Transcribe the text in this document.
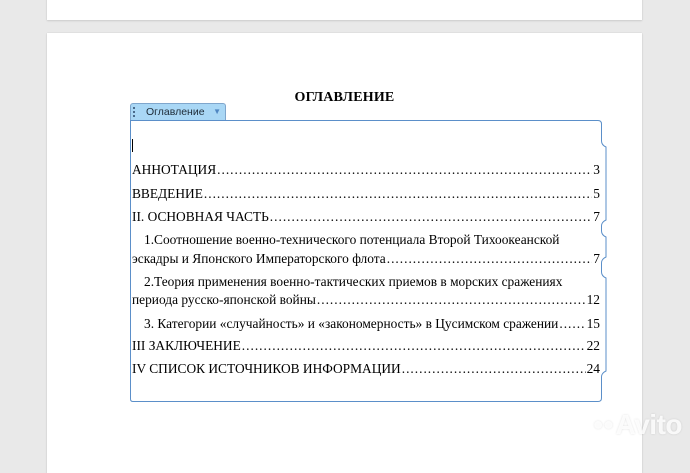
ОГЛАВЛЕНИЕ
Оглавление ▼
АННОТАЦИЯ .....	3
ВВЕДЕНИЕ .....	5
II. ОСНОВНАЯ ЧАСТЬ .....	7
1.Соотношение военно-технического потенциала Второй Тихоокеанской
эскадры и Японского Императорского флота .....	7
2.Теория применения военно-тактических приемов в морских сражениях
периода русско-японской войны .....	12
3. Категории «случайность» и «закономерность» в Цусимском сражении ..... 15
III ЗАКЛЮЧЕНИЕ .....	22
IV СПИСОК ИСТОЧНИКОВ ИНФОРМАЦИИ .....	24
●●Avito
